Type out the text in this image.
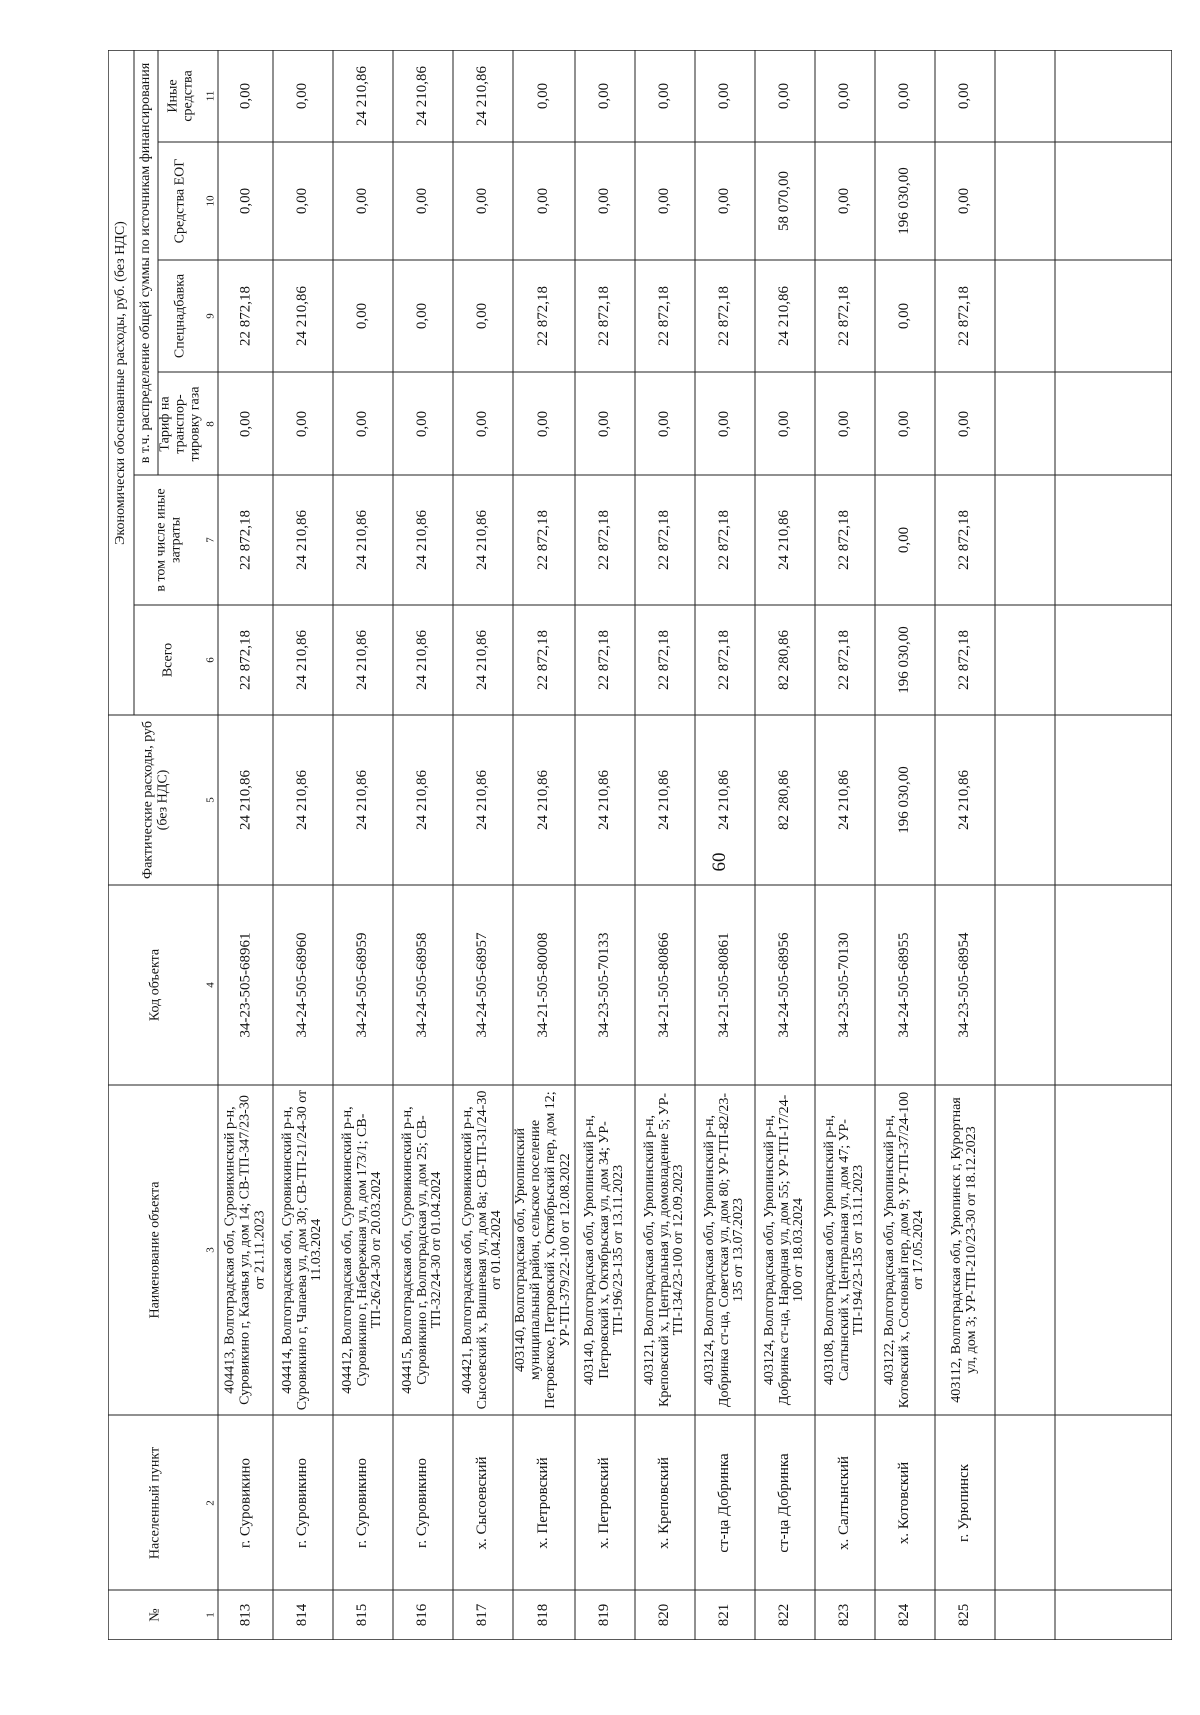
60
№
Населенный пункт
Наименование объекта
Код объекта
Фактические расходы, руб (без НДС)
Экономически обоснованные расходы, руб. (без НДС)
Всего
в том числе иные затраты
в т.ч. распределение общей суммы по источникам финансирования Тариф на транспор-тировку газа
Спецнадбавка
Средства ЕОГ
Иные средства
1
2
3
4
5
6
7
8
9
10
11
813
г. Суровикино
404413, Волгоградская обл, Суровикинский р-н, Суровикино г, Казачья ул, дом 14; СВ-ТП-347/23-30 от 21.11.2023
34-23-505-68961
24 210,86
22 872,18
22 872,18
0,00
22 872,18
0,00
0,00
814
г. Суровикино
404414, Волгоградская обл, Суровикинский р-н, Суровикино г, Чапаева ул, дом 30; СВ-ТП-21/24-30 от 11.03.2024
34-24-505-68960
24 210,86
24 210,86
24 210,86
0,00
24 210,86
0,00
0,00
815
г. Суровикино
404412, Волгоградская обл, Суровикинский р-н, Суровикино г, Набережная ул, дом 173/1; СВ-ТП-26/24-30 от 20.03.2024
34-24-505-68959
24 210,86
24 210,86
24 210,86
0,00
0,00
0,00
24 210,86
816
г. Суровикино
404415, Волгоградская обл, Суровикинский р-н, Суровикино г, Волгоградская ул, дом 25; СВ-ТП-32/24-30 от 01.04.2024
34-24-505-68958
24 210,86
24 210,86
24 210,86
0,00
0,00
0,00
24 210,86
817
х. Сысоевский
404421, Волгоградская обл, Суровикинский р-н, Сысоевский х, Вишневая ул, дом 8а; СВ-ТП-31/24-30 от 01.04.2024
34-24-505-68957
24 210,86
24 210,86
24 210,86
0,00
0,00
0,00
24 210,86
818
х. Петровский
403140, Волгоградская обл, Урюпинский муниципальный район, сельское поселение Петровское, Петровский х, Октябрьский пер, дом 12; УР-ТП-379/22-100 от 12.08.2022
34-21-505-80008
24 210,86
22 872,18
22 872,18
0,00
22 872,18
0,00
0,00
819
х. Петровский
403140, Волгоградская обл, Урюпинский р-н, Петровский х, Октябрьская ул, дом 34; УР-ТП-196/23-135 от 13.11.2023
34-23-505-70133
24 210,86
22 872,18
22 872,18
0,00
22 872,18
0,00
0,00
820
х. Креповский
403121, Волгоградская обл, Урюпинский р-н, Креповский х, Центральная ул, домовладение 5; УР-ТП-134/23-100 от 12.09.2023
34-21-505-80866
24 210,86
22 872,18
22 872,18
0,00
22 872,18
0,00
0,00
821
ст-ца Добринка
403124, Волгоградская обл, Урюпинский р-н, Добринка ст-ца, Советская ул, дом 80; УР-ТП-82/23-135 от 13.07.2023
34-21-505-80861
24 210,86
22 872,18
22 872,18
0,00
22 872,18
0,00
0,00
822
ст-ца Добринка
403124, Волгоградская обл, Урюпинский р-н, Добринка ст-ца, Народная ул, дом 55; УР-ТП-17/24-100 от 18.03.2024
34-24-505-68956
82 280,86
82 280,86
24 210,86
0,00
24 210,86
58 070,00
0,00
823
х. Салтынский
403108, Волгоградская обл, Урюпинский р-н, Салтынский х, Центральная ул, дом 47; УР-ТП-194/23-135 от 13.11.2023
34-23-505-70130
24 210,86
22 872,18
22 872,18
0,00
22 872,18
0,00
0,00
824
х. Котовский
403122, Волгоградская обл, Урюпинский р-н, Котовский х, Сосновый пер, дом 9; УР-ТП-37/24-100 от 17.05.2024
34-24-505-68955
196 030,00
196 030,00
0,00
0,00
0,00
196 030,00
0,00
825
г. Урюпинск
403112, Волгоградская обл, Урюпинск г, Курортная ул, дом 3; УР-ТП-210/23-30 от 18.12.2023
34-23-505-68954
24 210,86
22 872,18
22 872,18
0,00
22 872,18
0,00
0,00
